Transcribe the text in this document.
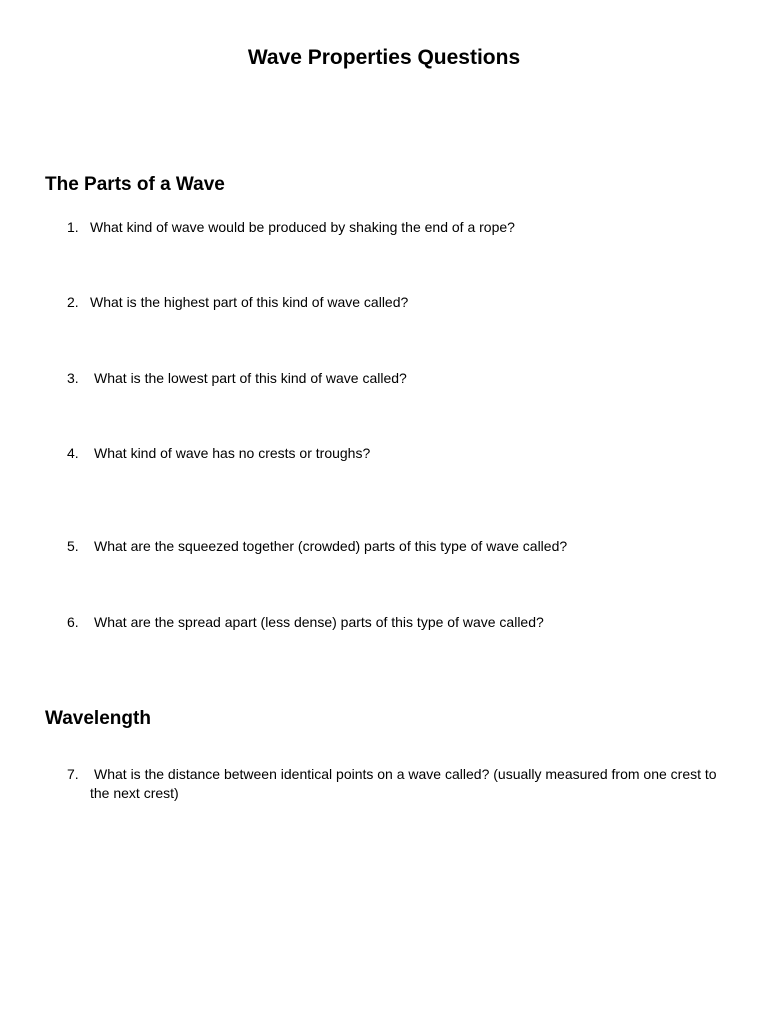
Wave Properties Questions
The Parts of a Wave
1. What kind of wave would be produced by shaking the end of a rope?
2. What is the highest part of this kind of wave called?
3.	What is the lowest part of this kind of wave called?
4.	What kind of wave has no crests or troughs?
5.	What are the squeezed together (crowded) parts of this type of wave called?
6.	What are the spread apart (less dense) parts of this type of wave called?
Wavelength
7.	What is the distance between identical points on a wave called? (usually measured from one crest to the next crest)
